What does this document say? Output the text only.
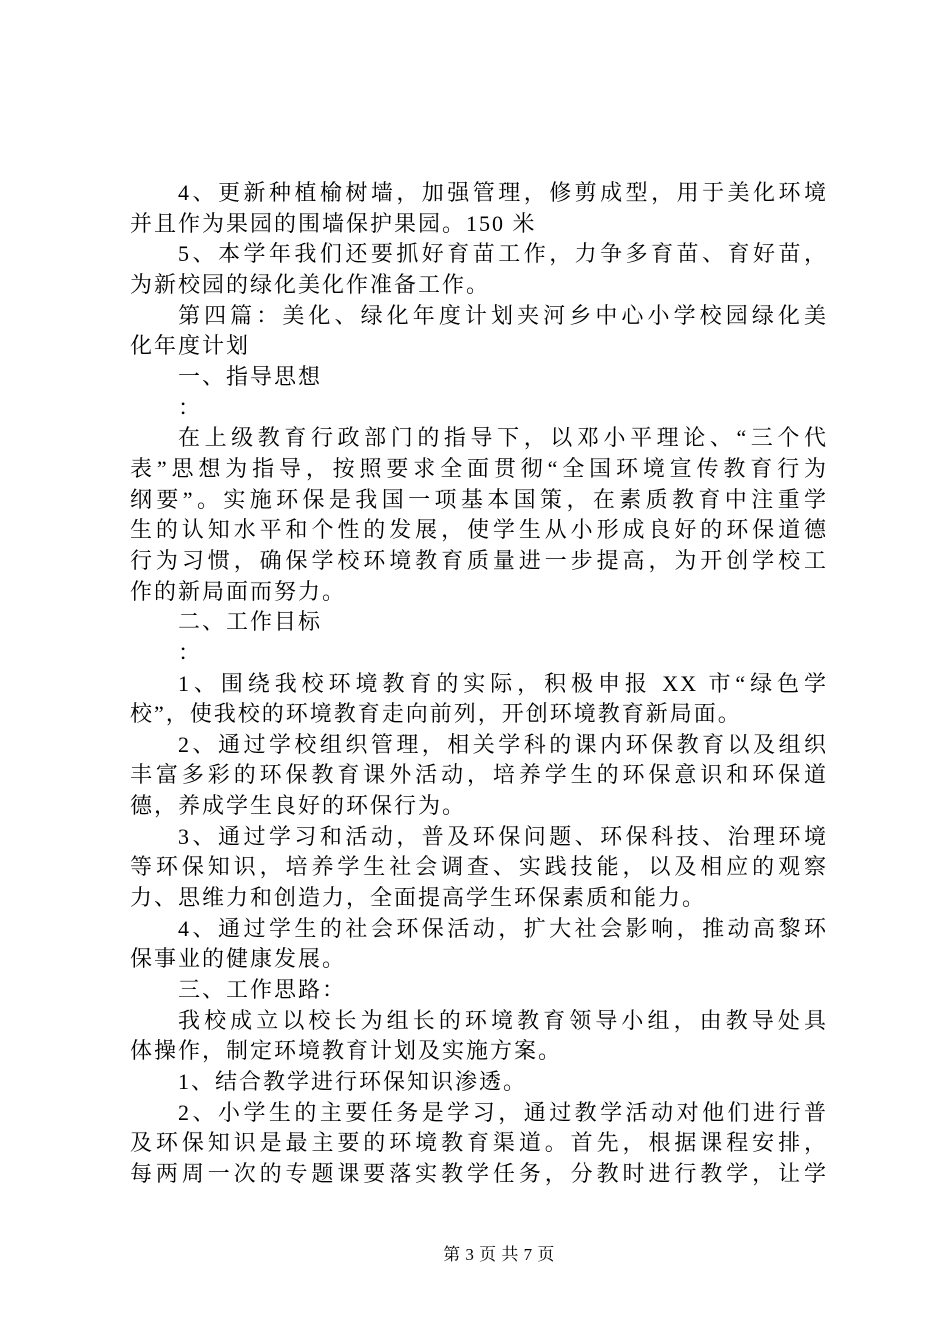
4、更新种植榆树墙，加强管理，修剪成型，用于美化环境
并且作为果园的围墙保护果园。150 米
5、本学年我们还要抓好育苗工作，力争多育苗、育好苗，
为新校园的绿化美化作准备工作。
第四篇：美化、绿化年度计划夹河乡中心小学校园绿化美
化年度计划
一、指导思想
：
在上级教育行政部门的指导下，以邓小平理论、“三个代
表”思想为指导，按照要求全面贯彻“全国环境宣传教育行为
纲要”。实施环保是我国一项基本国策，在素质教育中注重学
生的认知水平和个性的发展，使学生从小形成良好的环保道德
行为习惯，确保学校环境教育质量进一步提高，为开创学校工
作的新局面而努力。
二、工作目标
：
1、围绕我校环境教育的实际，积极申报 XX 市“绿色学
校”，使我校的环境教育走向前列，开创环境教育新局面。
2、通过学校组织管理，相关学科的课内环保教育以及组织
丰富多彩的环保教育课外活动，培养学生的环保意识和环保道
德，养成学生良好的环保行为。
3、通过学习和活动，普及环保问题、环保科技、治理环境
等环保知识，培养学生社会调查、实践技能，以及相应的观察
力、思维力和创造力，全面提高学生环保素质和能力。
4、通过学生的社会环保活动，扩大社会影响，推动高黎环
保事业的健康发展。
三、工作思路：
我校成立以校长为组长的环境教育领导小组，由教导处具
体操作，制定环境教育计划及实施方案。
1、结合教学进行环保知识渗透。
2、小学生的主要任务是学习，通过教学活动对他们进行普
及环保知识是最主要的环境教育渠道。首先，根据课程安排，
每两周一次的专题课要落实教学任务，分教时进行教学，让学
第 3 页 共 7 页
